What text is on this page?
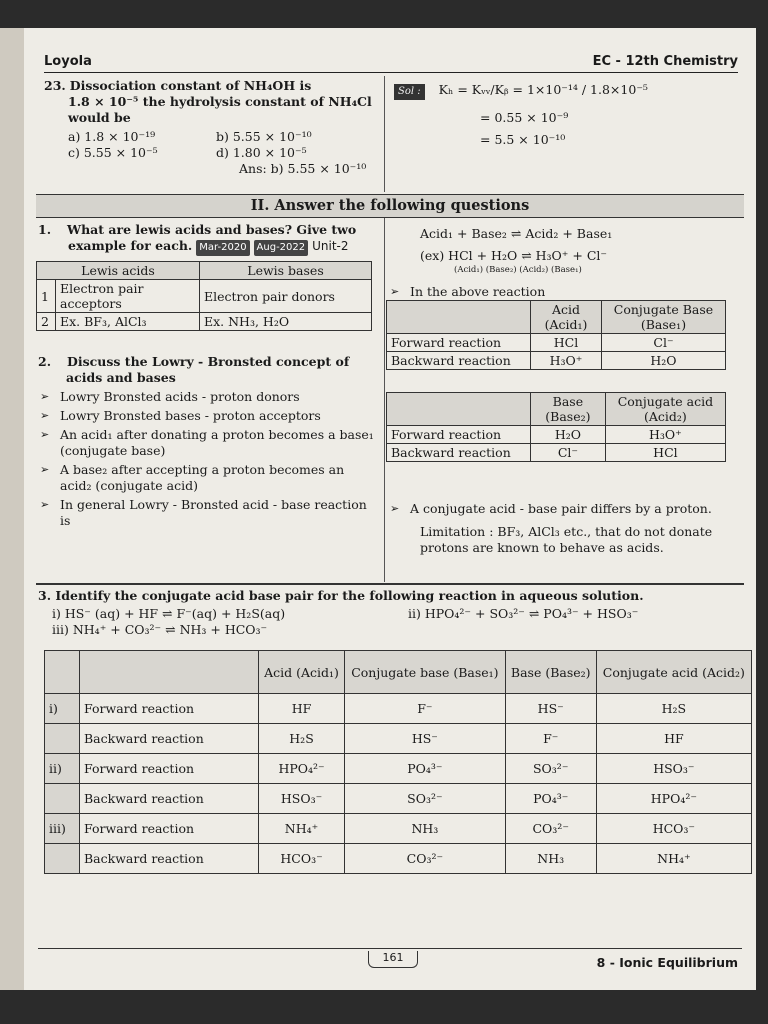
Loyola	EC - 12th Chemistry
23. Dissociation constant of NH₄OH is
1.8 × 10⁻⁵ the hydrolysis constant of NH₄Cl
would be
a) 1.8 × 10⁻¹⁹	b) 5.55 × 10⁻¹⁰
c) 5.55 × 10⁻⁵	d) 1.80 × 10⁻⁵
Ans: b) 5.55 × 10⁻¹⁰
Sol : Kₕ = Kᵥᵥ/Kᵦ = 1×10⁻¹⁴ / 1.8×10⁻⁵
= 0.55 × 10⁻⁹
= 5.5 × 10⁻¹⁰
II. Answer the following questions
1. What are lewis acids and bases? Give two
example for each. Mar-2020 Aug-2022 Unit-2
Lewis acids		Lewis bases
1	Electron pair acceptors	Electron pair donors
2	Ex. BF₃, AlCl₃	Ex. NH₃, H₂O
2. Discuss the Lowry - Bronsted concept of
acids and bases
➢ Lowry Bronsted acids - proton donors
➢ Lowry Bronsted bases - proton acceptors
➢ An acid₁ after donating a proton becomes a base₁ (conjugate base)
➢ A base₂ after accepting a proton becomes an acid₂ (conjugate acid)
➢ In general Lowry - Bronsted acid - base reaction is
Acid₁ + Base₂ ⇌ Acid₂ + Base₁
(ex) HCl + H₂O ⇌ H₃O⁺ + Cl⁻
(Acid₁) (Base₂) (Acid₂) (Base₁)
➢ In the above reaction
	Acid (Acid₁)	Conjugate Base (Base₁)
Forward reaction	HCl	Cl⁻
Backward reaction	H₃O⁺	H₂O
	Base (Base₂)	Conjugate acid (Acid₂)
Forward reaction	H₂O	H₃O⁺
Backward reaction	Cl⁻	HCl
➢ A conjugate acid - base pair differs by a proton.
Limitation : BF₃, AlCl₃ etc., that do not donate protons are known to behave as acids.
3. Identify the conjugate acid base pair for the following reaction in aqueous solution.
i) HS⁻ (aq) + HF ⇌ F⁻(aq) + H₂S(aq)	ii) HPO₄²⁻ + SO₃²⁻ ⇌ PO₄³⁻ + HSO₃⁻
iii) NH₄⁺ + CO₃²⁻ ⇌ NH₃ + HCO₃⁻
		Acid (Acid₁)	Conjugate base (Base₁)	Base (Base₂)	Conjugate acid (Acid₂)
i)	Forward reaction	HF	F⁻	HS⁻	H₂S
	Backward reaction	H₂S	HS⁻	F⁻	HF
ii)	Forward reaction	HPO₄²⁻	PO₄³⁻	SO₃²⁻	HSO₃⁻
	Backward reaction	HSO₃⁻	SO₃²⁻	PO₄³⁻	HPO₄²⁻
iii)	Forward reaction	NH₄⁺	NH₃	CO₃²⁻	HCO₃⁻
	Backward reaction	HCO₃⁻	CO₃²⁻	NH₃	NH₄⁺
161	8 - Ionic Equilibrium
